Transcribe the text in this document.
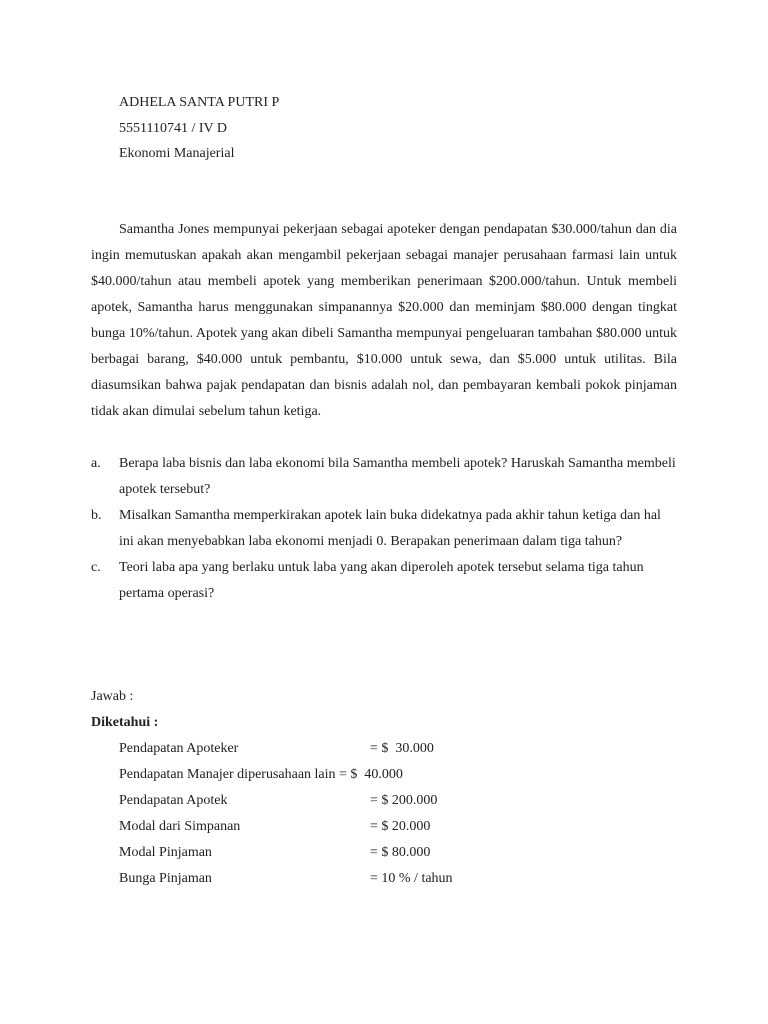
ADHELA SANTA PUTRI P
5551110741 / IV D
Ekonomi Manajerial

Samantha Jones mempunyai pekerjaan sebagai apoteker dengan pendapatan $30.000/tahun dan dia ingin memutuskan apakah akan mengambil pekerjaan sebagai manajer perusahaan farmasi lain untuk $40.000/tahun atau membeli apotek yang memberikan penerimaan $200.000/tahun. Untuk membeli apotek, Samantha harus menggunakan simpanannya $20.000 dan meminjam $80.000 dengan tingkat bunga 10%/tahun. Apotek yang akan dibeli Samantha mempunyai pengeluaran tambahan $80.000 untuk berbagai barang, $40.000 untuk pembantu, $10.000 untuk sewa, dan $5.000 untuk utilitas. Bila diasumsikan bahwa pajak pendapatan dan bisnis adalah nol, dan pembayaran kembali pokok pinjaman tidak akan dimulai sebelum tahun ketiga.

a.	Berapa laba bisnis dan laba ekonomi bila Samantha membeli apotek? Haruskah Samantha membeli apotek tersebut?
b.	Misalkan Samantha memperkirakan apotek lain buka didekatnya pada akhir tahun ketiga dan hal ini akan menyebabkan laba ekonomi menjadi 0. Berapakan penerimaan dalam tiga tahun?
c.	Teori laba apa yang berlaku untuk laba yang akan diperoleh apotek tersebut selama tiga tahun pertama operasi?
Jawab :
Diketahui :
Pendapatan Apoteker	= $  30.000
Pendapatan Manajer diperusahaan lain = $  40.000
Pendapatan Apotek	= $ 200.000
Modal dari Simpanan	= $ 20.000
Modal Pinjaman	= $ 80.000
Bunga Pinjaman	= 10 % / tahun
